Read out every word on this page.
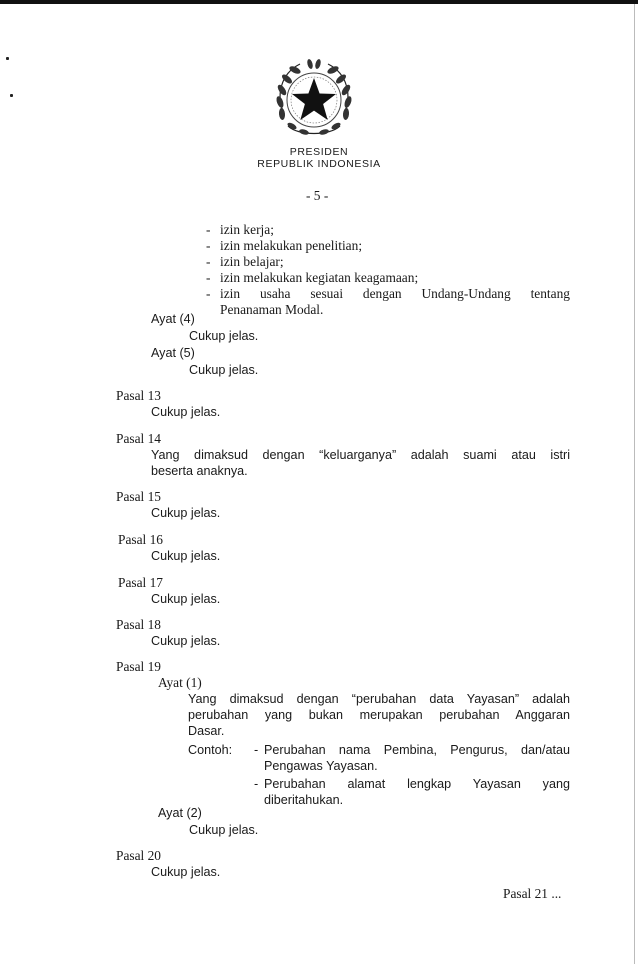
PRESIDEN
REPUBLIK INDONESIA
- 5 -
- izin kerja;
- izin melakukan penelitian;
- izin belajar;
- izin melakukan kegiatan keagamaan;
- izin usaha sesuai dengan Undang-Undang tentang
Penanaman Modal.
Ayat (4)
Cukup jelas.
Ayat (5)
Cukup jelas.
Pasal 13
Cukup jelas.
Pasal 14
Yang dimaksud dengan “keluarganya” adalah suami atau istri
beserta anaknya.
Pasal 15
Cukup jelas.
Pasal 16
Cukup jelas.
Pasal 17
Cukup jelas.
Pasal 18
Cukup jelas.
Pasal 19
Ayat (1)
Yang dimaksud dengan “perubahan data Yayasan” adalah
perubahan yang bukan merupakan perubahan Anggaran
Dasar.
Contoh: - Perubahan nama Pembina, Pengurus, dan/atau
Pengawas Yayasan.
- Perubahan alamat lengkap Yayasan yang
diberitahukan.
Ayat (2)
Cukup jelas.
Pasal 20
Cukup jelas.
Pasal 21 ...
